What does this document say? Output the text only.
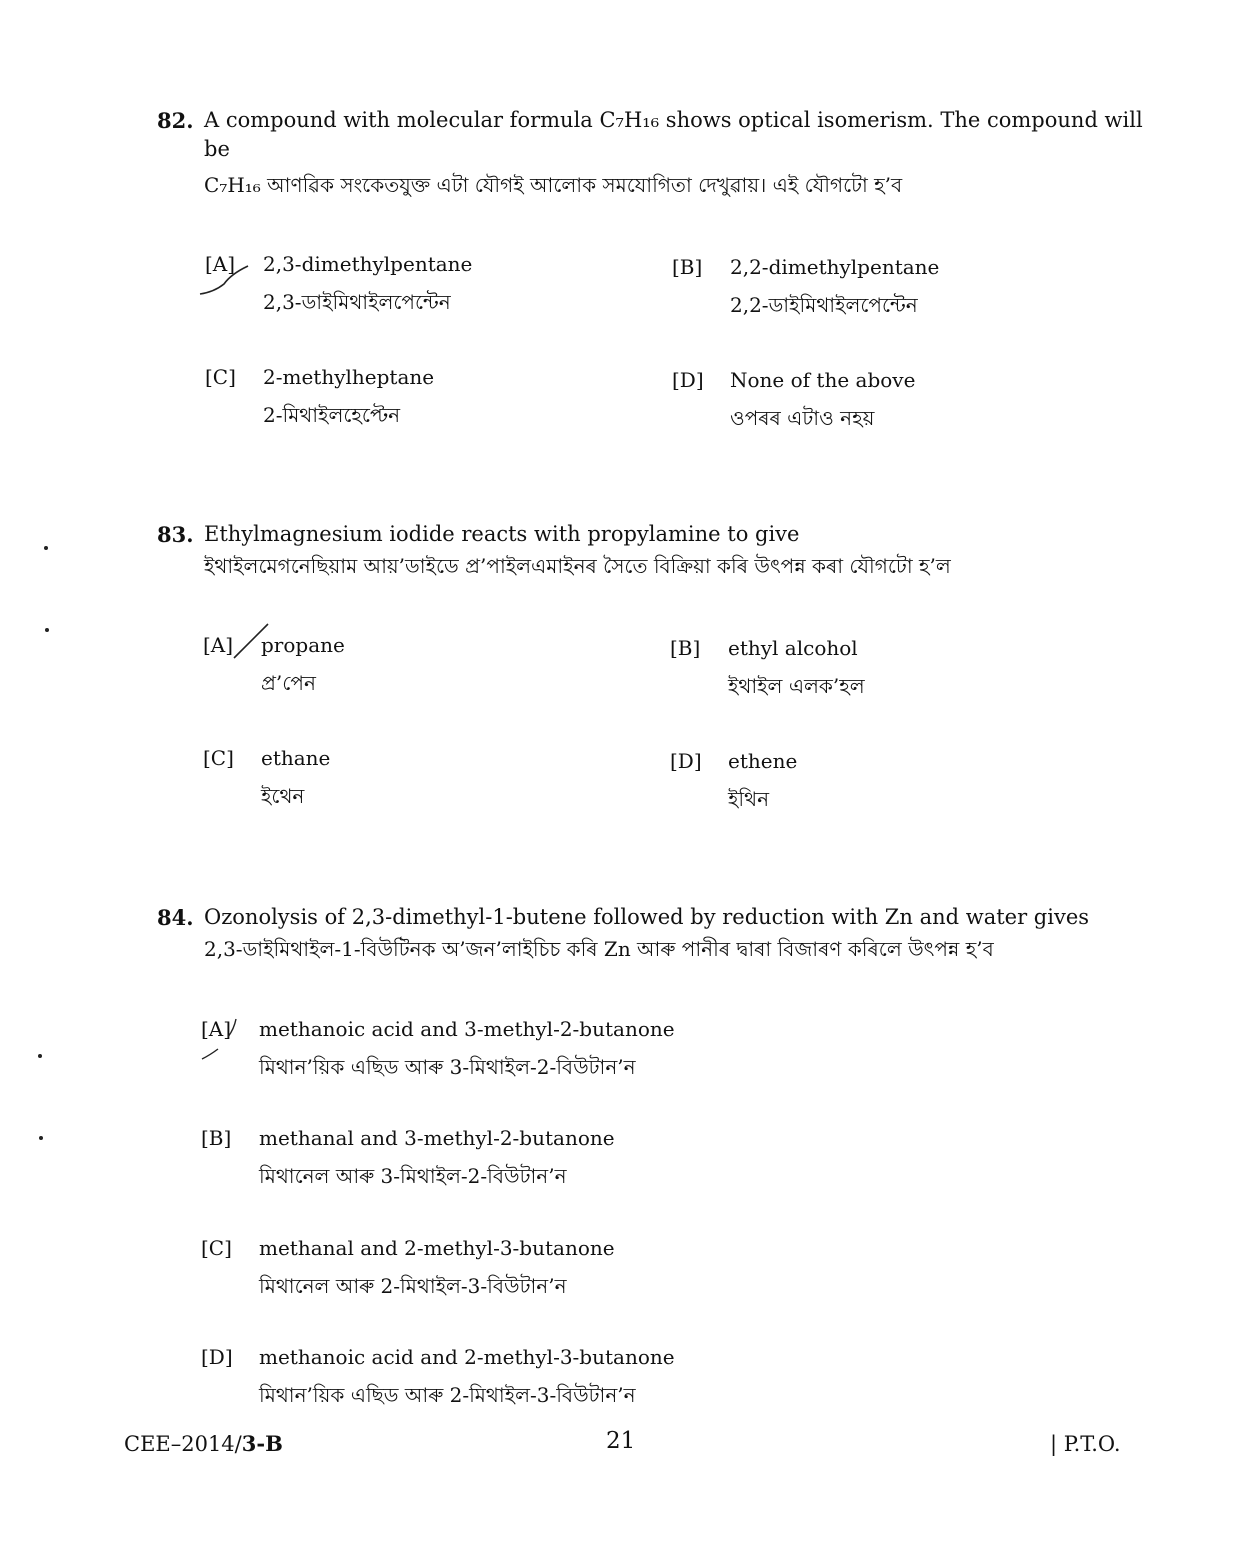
82. A compound with molecular formula C₇H₁₆ shows optical isomerism. The compound will be
C₇H₁₆ আণৱিক সংকেতযুক্ত এটা যৌগই আলোক সমযোগিতা দেখুৱায়। এই যৌগটো হ’ব
[A]	2,3-dimethylpentane
2,3-ডাইমিথাইলপেন্টেন
[B]	2,2-dimethylpentane
2,2-ডাইমিথাইলপেন্টেন
[C]	2-methylheptane
2-মিথাইলহেপ্টেন
[D]	None of the above
ওপৰৰ এটাও নহয়
83. Ethylmagnesium iodide reacts with propylamine to give
ইথাইলমেগনেছিয়াম আয়’ডাইডে প্ৰ’পাইলএমাইনৰ সৈতে বিক্ৰিয়া কৰি উৎপন্ন কৰা যৌগটো হ’ল
[A]	propane
প্ৰ’পেন
[B]	ethyl alcohol
ইথাইল এলক’হল
[C]	ethane
ইথেন
[D]	ethene
ইথিন
84. Ozonolysis of 2,3-dimethyl-1-butene followed by reduction with Zn and water gives
2,3-ডাইমিথাইল-1-বিউটিনক অ’জন’লাইচিচ কৰি Zn আৰু পানীৰ দ্বাৰা বিজাৰণ কৰিলে উৎপন্ন হ’ব
[A]	methanoic acid and 3-methyl-2-butanone
মিথান’য়িক এছিড আৰু 3-মিথাইল-2-বিউটান’ন
[B]	methanal and 3-methyl-2-butanone
মিথানেল আৰু 3-মিথাইল-2-বিউটান’ন
[C]	methanal and 2-methyl-3-butanone
মিথানেল আৰু 2-মিথাইল-3-বিউটান’ন
[D]	methanoic acid and 2-methyl-3-butanone
মিথান’য়িক এছিড আৰু 2-মিথাইল-3-বিউটান’ন
CEE–2014/3-B	21	| P.T.O.
